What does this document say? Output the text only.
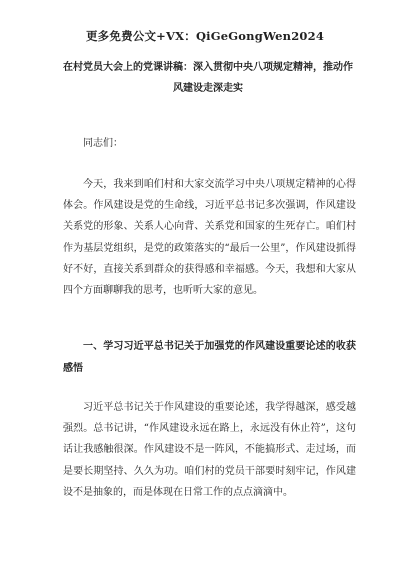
更多免费公文+VX：QiGeGongWen2024
在村党员大会上的党课讲稿：深入贯彻中央八项规定精神，推动作风建设走深走实

同志们：

今天，我来到咱们村和大家交流学习中央八项规定精神的心得体会。作风建设是党的生命线，习近平总书记多次强调，作风建设关系党的形象、关系人心向背、关系党和国家的生死存亡。咱们村作为基层党组织，是党的政策落实的“最后一公里”，作风建设抓得好不好，直接关系到群众的获得感和幸福感。今天，我想和大家从四个方面聊聊我的思考，也听听大家的意见。

一、学习习近平总书记关于加强党的作风建设重要论述的收获感悟

习近平总书记关于作风建设的重要论述，我学得越深，感受越强烈。总书记讲，“作风建设永远在路上，永远没有休止符”，这句话让我感触很深。作风建设不是一阵风，不能搞形式、走过场，而是要长期坚持、久久为功。咱们村的党员干部要时刻牢记，作风建设不是抽象的，而是体现在日常工作的点点滴滴中。
